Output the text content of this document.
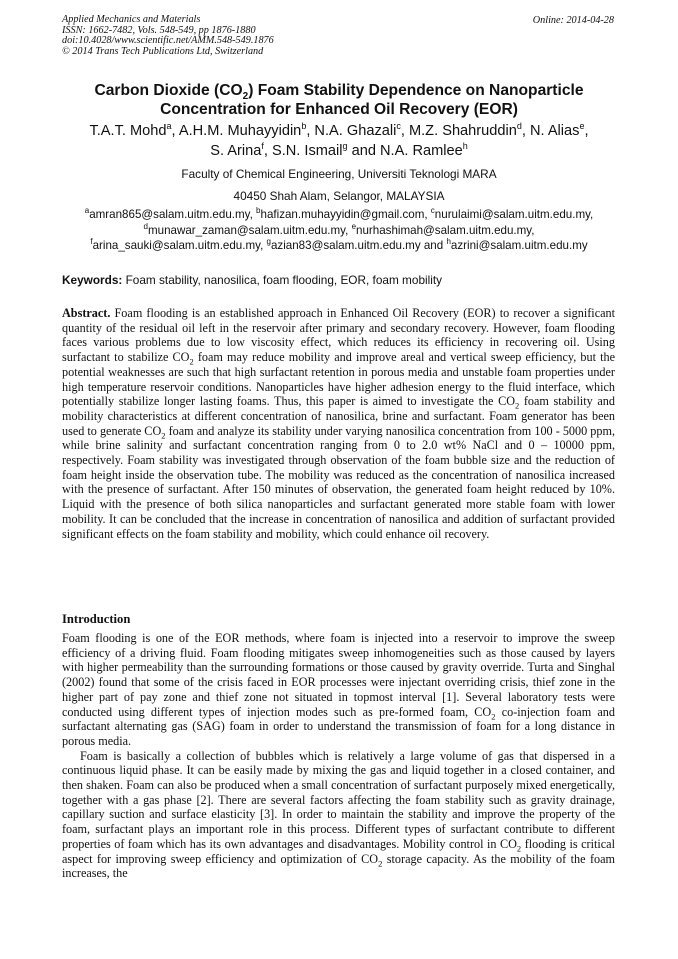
Applied Mechanics and Materials
ISSN: 1662-7482, Vols. 548-549, pp 1876-1880
doi:10.4028/www.scientific.net/AMM.548-549.1876
© 2014 Trans Tech Publications Ltd, Switzerland
Online: 2014-04-28
Carbon Dioxide $(CO_2)$ Foam Stability Dependence on Nanoparticle
Concentration for Enhanced Oil Recovery (EOR)
T.A.T. Mohd$^a$, A.H.M. Muhayyidin$^b$, N.A. Ghazali$^c$, M.Z. Shahruddin$^d$, N. Alias$^e$,
S. Arina$^f$, S.N. Ismail$^g$ and N.A. Ramlee$^h$
Faculty of Chemical Engineering, Universiti Teknologi MARA
40450 Shah Alam, Selangor, MALAYSIA
$^a$amran865@salam.uitm.edu.my, $^b$hafizan.muhayyidin@gmail.com, $^c$nurulaimi@salam.uitm.edu.my,
$^d$munawar_zaman@salam.uitm.edu.my, $^e$nurhashimah@salam.uitm.edu.my,
$^f$arina_sauki@salam.uitm.edu.my, $^g$azian83@salam.uitm.edu.my and $^h$azrini@salam.uitm.edu.my
Keywords: Foam stability, nanosilica, foam flooding, EOR, foam mobility
Abstract. Foam flooding is an established approach in Enhanced Oil Recovery (EOR) to recover a significant quantity of the residual oil left in the reservoir after primary and secondary recovery. However, foam flooding faces various problems due to low viscosity effect, which reduces its efficiency in recovering oil. Using surfactant to stabilize $CO_2$ foam may reduce mobility and improve areal and vertical sweep efficiency, but the potential weaknesses are such that high surfactant retention in porous media and unstable foam properties under high temperature reservoir conditions. Nanoparticles have higher adhesion energy to the fluid interface, which potentially stabilize longer lasting foams. Thus, this paper is aimed to investigate the $CO_2$ foam stability and mobility characteristics at different concentration of nanosilica, brine and surfactant. Foam generator has been used to generate $CO_2$ foam and analyze its stability under varying nanosilica concentration from 100 - 5000 ppm, while brine salinity and surfactant concentration ranging from 0 to 2.0 wt% NaCl and 0 – 10000 ppm, respectively. Foam stability was investigated through observation of the foam bubble size and the reduction of foam height inside the observation tube. The mobility was reduced as the concentration of nanosilica increased with the presence of surfactant. After 150 minutes of observation, the generated foam height reduced by 10%. Liquid with the presence of both silica nanoparticles and surfactant generated more stable foam with lower mobility. It can be concluded that the increase in concentration of nanosilica and addition of surfactant provided significant effects on the foam stability and mobility, which could enhance oil recovery.
Introduction

Foam flooding is one of the EOR methods, where foam is injected into a reservoir to improve the sweep efficiency of a driving fluid. Foam flooding mitigates sweep inhomogeneities such as those caused by layers with higher permeability than the surrounding formations or those caused by gravity override. Turta and Singhal (2002) found that some of the crisis faced in EOR processes were injectant overriding crisis, thief zone in the higher part of pay zone and thief zone not situated in topmost interval [1]. Several laboratory tests were conducted using different types of injection modes such as pre-formed foam, $CO_2$ co-injection foam and surfactant alternating gas (SAG) foam in order to understand the transmission of foam for a long distance in porous media.

Foam is basically a collection of bubbles which is relatively a large volume of gas that dispersed in a continuous liquid phase. It can be easily made by mixing the gas and liquid together in a closed container, and then shaken. Foam can also be produced when a small concentration of surfactant purposely mixed energetically, together with a gas phase [2]. There are several factors affecting the foam stability such as gravity drainage, capillary suction and surface elasticity [3]. In order to maintain the stability and improve the property of the foam, surfactant plays an important role in this process. Different types of surfactant contribute to different properties of foam which has its own advantages and disadvantages. Mobility control in $CO_2$ flooding is critical aspect for improving sweep efficiency and optimization of $CO_2$ storage capacity. As the mobility of the foam increases, the
